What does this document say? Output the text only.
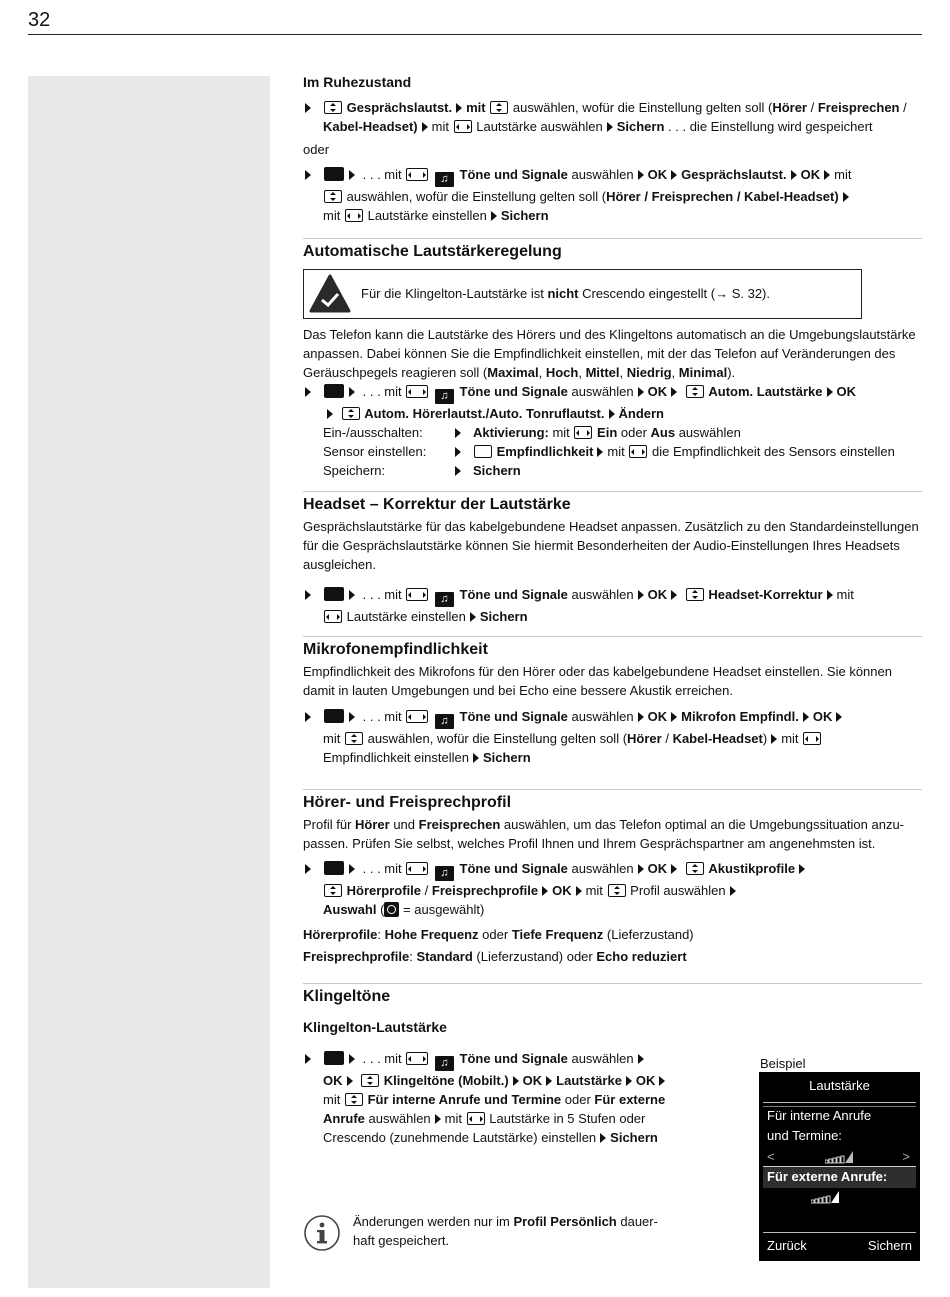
32
Im Ruhezustand
Gesprächslautst. mit auswählen, wofür die Einstellung gelten soll (Hörer / Freisprechen / Kabel-Headset) mit Lautstärke auswählen Sichern . . . die Einstellung wird gespeichert

oder

. . . mit	♫ Töne und Signale auswählen OK Gesprächslautst. OK mit
auswählen, wofür die Einstellung gelten soll (Hörer / Freisprechen / Kabel-Headset)
mit Lautstärke einstellen Sichern
Automatische Lautstärkeregelung
Für die Klingelton-Lautstärke ist nicht Crescendo eingestellt (→ S. 32).

Das Telefon kann die Lautstärke des Hörers und des Klingeltons automatisch an die Umgebungslautstärke anpassen. Dabei können Sie die Empfindlichkeit einstellen, mit der das Telefon auf Veränderungen des Geräuschpegels reagieren soll (Maximal, Hoch, Mittel, Niedrig, Minimal).

. . . mit	♫ Töne und Signale auswählen OK	Autom. Lautstärke OK
Autom. Hörerlautst./Auto. Tonruflautst. Ändern
Ein-/ausschalten:		Aktivierung: mit  Ein oder Aus auswählen
Sensor einstellen:		Empfindlichkeit mit die Empfindlichkeit des Sensors einstellen
Speichern:		Sichern
Headset – Korrektur der Lautstärke

Gesprächslautstärke für das kabelgebundene Headset anpassen. Zusätzlich zu den Standardeinstellungen für die Gesprächslautstärke können Sie hiermit Besonderheiten der Audio-Einstellungen Ihres Headsets ausgleichen.

. . . mit	♫ Töne und Signale auswählen OK	Headset-Korrektur mit
Lautstärke einstellen Sichern
Mikrofonempfindlichkeit

Empfindlichkeit des Mikrofons für den Hörer oder das kabelgebundene Headset einstellen. Sie können damit in lauten Umgebungen und bei Echo eine bessere Akustik erreichen.

. . . mit	♫ Töne und Signale auswählen OK Mikrofon Empfindl. OK
mit auswählen, wofür die Einstellung gelten soll (Hörer / Kabel-Headset) mit
Empfindlichkeit einstellen Sichern
Hörer- und Freisprechprofil

Profil für Hörer und Freisprechen auswählen, um das Telefon optimal an die Umgebungssituation anzu-passen. Prüfen Sie selbst, welches Profil Ihnen und Ihrem Gesprächspartner am angenehmsten ist.

. . . mit	♫ Töne und Signale auswählen OK	Akustikprofile
Hörerprofile / Freisprechprofile OK mit Profil auswählen
Auswahl ( = ausgewählt)

Hörerprofile: Hohe Frequenz oder Tiefe Frequenz (Lieferzustand)

Freisprechprofile: Standard (Lieferzustand) oder Echo reduziert

Klingeltöne
Klingelton-Lautstärke
. . . mit	♫ Töne und Signale auswählen
OK	Klingeltöne (Mobilt.) OK Lautstärke OK
mit Für interne Anrufe und Termine oder Für externe Anrufe auswählen mit Lautstärke in 5 Stufen oder Crescendo (zunehmende Lautstärke) einstellen Sichern

Änderungen werden nur im Profil Persönlich dauer-haft gespeichert.

Beispiel
Lautstärke
Für interne Anrufe
und Termine:
<	>
Für externe Anrufe:
Zurück	Sichern
